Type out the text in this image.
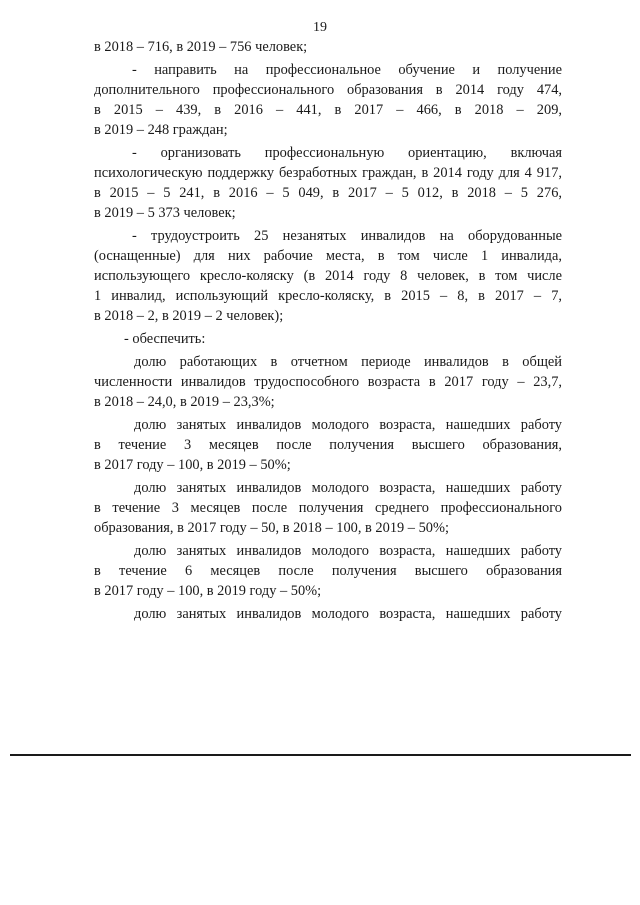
19
в 2018 – 716, в 2019 – 756 человек;
- направить на профессиональное обучение и получение
дополнительного профессионального образования в 2014 году 474,
в 2015 – 439, в 2016 – 441, в 2017 – 466, в 2018 – 209,
в 2019 – 248 граждан;
- организовать профессиональную ориентацию, включая
психологическую поддержку безработных граждан, в 2014 году для 4 917,
в 2015 – 5 241, в 2016 – 5 049, в 2017 – 5 012, в 2018 – 5 276,
в 2019 – 5 373 человек;
- трудоустроить 25 незанятых инвалидов на оборудованные
(оснащенные) для них рабочие места, в том числе 1 инвалида,
использующего кресло-коляску (в 2014 году 8 человек, в том числе
1 инвалид, использующий кресло-коляску, в 2015 – 8, в 2017 – 7,
в 2018 – 2, в 2019 – 2 человек);
- обеспечить:
долю работающих в отчетном периоде инвалидов в общей
численности инвалидов трудоспособного возраста в 2017 году – 23,7,
в 2018 – 24,0, в 2019 – 23,3%;
долю занятых инвалидов молодого возраста, нашедших работу
в течение 3 месяцев после получения высшего образования,
в 2017 году – 100, в 2019 – 50%;
долю занятых инвалидов молодого возраста, нашедших работу
в течение 3 месяцев после получения среднего профессионального
образования, в 2017 году – 50, в 2018 – 100, в 2019 – 50%;
долю занятых инвалидов молодого возраста, нашедших работу
в течение 6 месяцев после получения высшего образования
в 2017 году – 100, в 2019 году – 50%;
долю занятых инвалидов молодого возраста, нашедших работу
